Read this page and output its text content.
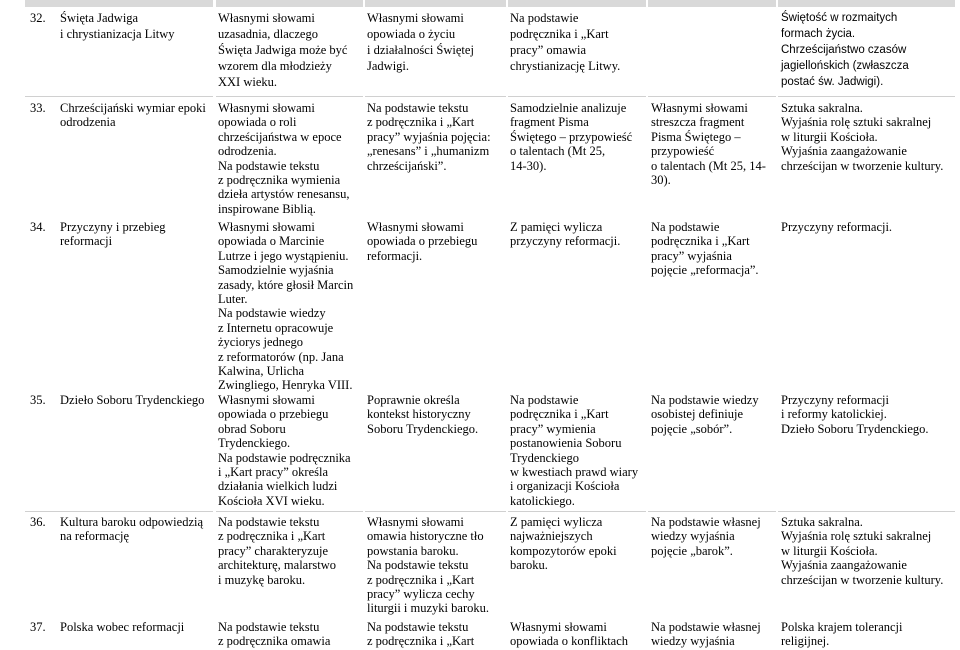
32. Święta Jadwiga
i chrystianizacja Litwy
Własnymi słowami
uzasadnia, dlaczego
Święta Jadwiga może być
wzorem dla młodzieży
XXI wieku.
Własnymi słowami
opowiada o życiu
i działalności Świętej
Jadwigi.
Na podstawie
podręcznika i „Kart
pracy” omawia
chrystianizację Litwy.
Świętość w rozmaitych
formach życia.
Chrześcijaństwo czasów
jagiellońskich (zwłaszcza
postać św. Jadwigi).
33. Chrześcijański wymiar epoki
odrodzenia
Własnymi słowami
opowiada o roli
chrześcijaństwa w epoce
odrodzenia.
Na podstawie tekstu
z podręcznika wymienia
dzieła artystów renesansu,
inspirowane Biblią.
Na podstawie tekstu
z podręcznika i „Kart
pracy” wyjaśnia pojęcia:
„renesans” i „humanizm
chrześcijański”.
Samodzielnie analizuje
fragment Pisma
Świętego – przypowieść
o talentach (Mt 25,
14-30).
Własnymi słowami
streszcza fragment
Pisma Świętego –
przypowieść
o talentach (Mt 25, 14-
30).
Sztuka sakralna.
Wyjaśnia rolę sztuki sakralnej
w liturgii Kościoła.
Wyjaśnia zaangażowanie
chrześcijan w tworzenie kultury.
34. Przyczyny i przebieg
reformacji
Własnymi słowami
opowiada o Marcinie
Lutrze i jego wystąpieniu.
Samodzielnie wyjaśnia
zasady, które głosił Marcin
Luter.
Na podstawie wiedzy
z Internetu opracowuje
życiorys jednego
z reformatorów (np. Jana
Kalwina, Urlicha
Zwingliego, Henryka VIII.
Własnymi słowami
opowiada o przebiegu
reformacji.
Z pamięci wylicza
przyczyny reformacji.
Na podstawie
podręcznika i „Kart
pracy” wyjaśnia
pojęcie „reformacja”.
Przyczyny reformacji.
35. Dzieło Soboru Trydenckiego Własnymi słowami
opowiada o przebiegu
obrad Soboru
Trydenckiego.
Na podstawie podręcznika
i „Kart pracy” określa
działania wielkich ludzi
Kościoła XVI wieku.
Poprawnie określa
kontekst historyczny
Soboru Trydenckiego.
Na podstawie
podręcznika i „Kart
pracy” wymienia
postanowienia Soboru
Trydenckiego
w kwestiach prawd wiary
i organizacji Kościoła
katolickiego.
Na podstawie wiedzy
osobistej definiuje
pojęcie „sobór”.
Przyczyny reformacji
i reformy katolickiej.
Dzieło Soboru Trydenckiego.
36. Kultura baroku odpowiedzią
na reformację
Na podstawie tekstu
z podręcznika i „Kart
pracy” charakteryzuje
architekturę, malarstwo
i muzykę baroku.
Własnymi słowami
omawia historyczne tło
powstania baroku.
Na podstawie tekstu
z podręcznika i „Kart
pracy” wylicza cechy
liturgii i muzyki baroku.
Z pamięci wylicza
najważniejszych
kompozytorów epoki
baroku.
Na podstawie własnej
wiedzy wyjaśnia
pojęcie „barok”.
Sztuka sakralna.
Wyjaśnia rolę sztuki sakralnej
w liturgii Kościoła.
Wyjaśnia zaangażowanie
chrześcijan w tworzenie kultury.
37. Polska wobec reformacji	Na podstawie tekstu
z podręcznika omawia
Na podstawie tekstu
z podręcznika i „Kart
Własnymi słowami
opowiada o konfliktach
Na podstawie własnej
wiedzy wyjaśnia
Polska krajem tolerancji
religijnej.
